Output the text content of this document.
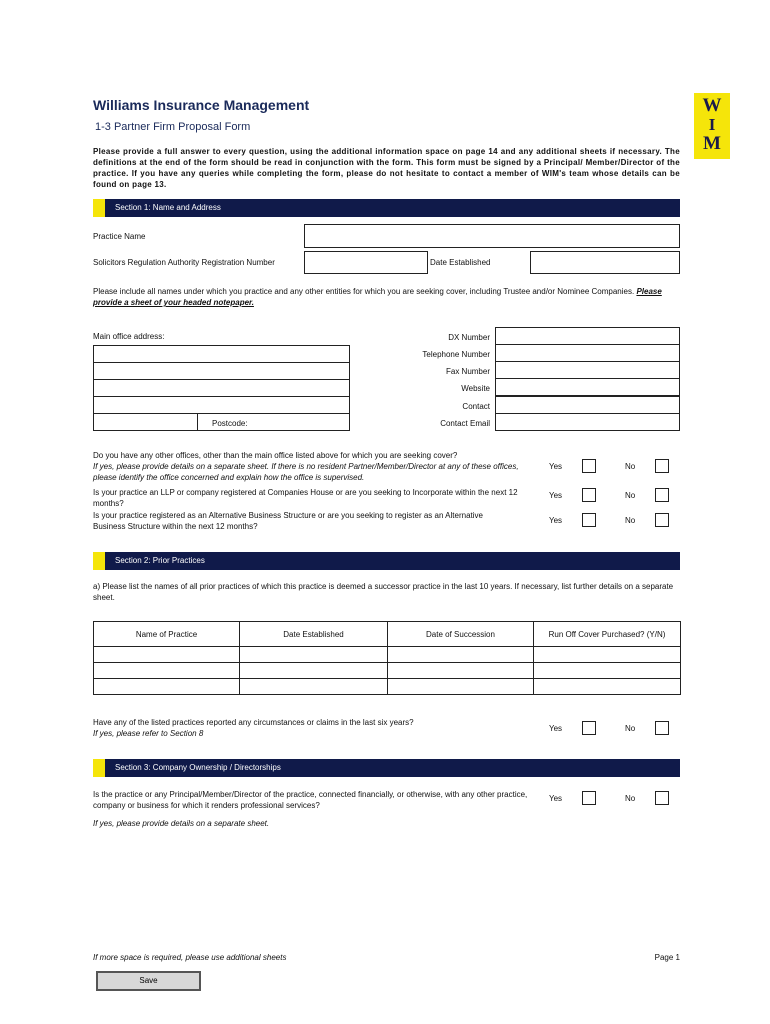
Williams Insurance Management
1-3 Partner Firm Proposal Form
W
I
M
Please provide a full answer to every question, using the additional information space on page 14 and any additional sheets if necessary. The definitions at the end of the form should be read in conjunction with the form. This form must be signed by a Principal/ Member/Director of the practice. If you have any queries while completing the form, please do not hesitate to contact a member of WIM's team whose details can be found on page 13.
Section 1: Name and Address
Practice Name
Solicitors Regulation Authority Registration Number	Date Established
Please include all names under which you practice and any other entities for which you are seeking cover, including Trustee and/or Nominee Companies. Please provide a sheet of your headed notepaper.
Main office address:
Postcode:
DX Number
Telephone Number
Fax Number
Website
Contact
Contact Email
Do you have any other offices, other than the main office listed above for which you are seeking cover?
If yes, please provide details on a separate sheet. If there is no resident Partner/Member/Director at any of these offices, please identify the office concerned and explain how the office is supervised.
Yes	No
Is your practice an LLP or company registered at Companies House or are you seeking to Incorporate within the next 12 months?
Yes	No
Is your practice registered as an Alternative Business Structure or are you seeking to register as an Alternative Business Structure within the next 12 months?
Yes	No
Section 2: Prior Practices
a) Please list the names of all prior practices of which this practice is deemed a successor practice in the last 10 years. If necessary, list further details on a separate sheet.
Name of Practice	Date Established	Date of Succession	Run Off Cover Purchased? (Y/N)

Have any of the listed practices reported any circumstances or claims in the last six years?
If yes, please refer to Section 8
Yes	No
Section 3: Company Ownership / Directorships
Is the practice or any Principal/Member/Director of the practice, connected financially, or otherwise, with any other practice, company or business for which it renders professional services?
Yes	No
If yes, please provide details on a separate sheet.
If more space is required, please use additional sheets	Page 1
Save
